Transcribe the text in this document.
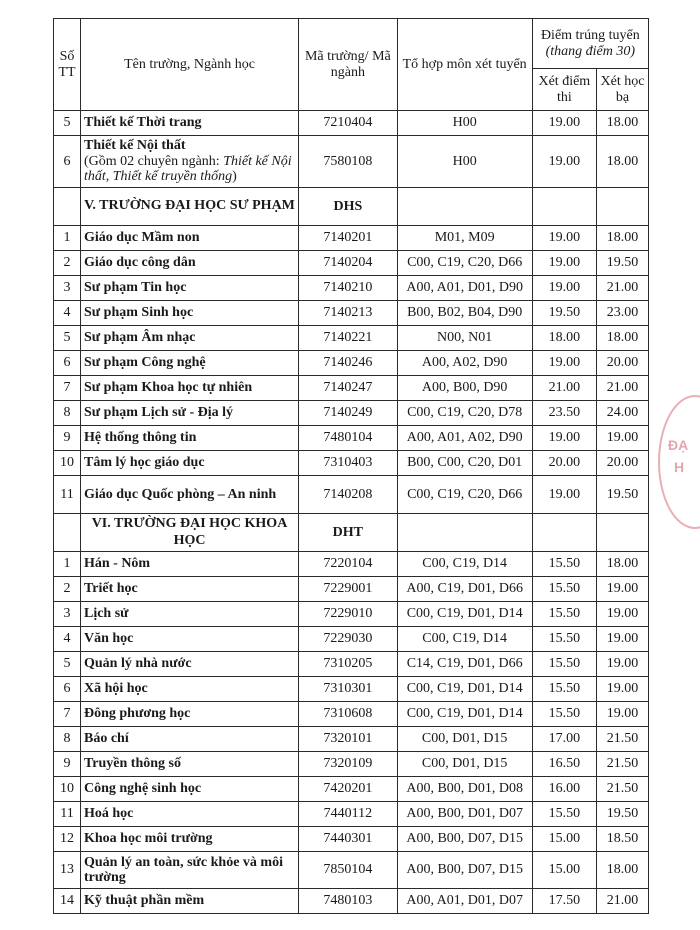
ĐẠ
H
Số TT	Tên trường, Ngành học	Mã trường/ Mã ngành	Tổ hợp môn xét tuyển	Điểm trúng tuyển
(thang điểm 30)	

				Xét điểm thi	Xét học bạ
5	Thiết kế Thời trang	7210404	H00	19.00	18.00
6	Thiết kế Nội thất
(Gồm 02 chuyên ngành: Thiết kế Nội thất, Thiết kế truyền thống)	7580108	H00	19.00	18.00
	V. TRƯỜNG ĐẠI HỌC SƯ PHẠM	DHS			
1	Giáo dục Mầm non	7140201	M01, M09	19.00	18.00
2	Giáo dục công dân	7140204	C00, C19, C20, D66	19.00	19.50
3	Sư phạm Tin học	7140210	A00, A01, D01, D90	19.00	21.00
4	Sư phạm Sinh học	7140213	B00, B02, B04, D90	19.50	23.00
5	Sư phạm Âm nhạc	7140221	N00, N01	18.00	18.00
6	Sư phạm Công nghệ	7140246	A00, A02, D90	19.00	20.00
7	Sư phạm Khoa học tự nhiên	7140247	A00, B00, D90	21.00	21.00
8	Sư phạm Lịch sử - Địa lý	7140249	C00, C19, C20, D78	23.50	24.00
9	Hệ thống thông tin	7480104	A00, A01, A02, D90	19.00	19.00
10	Tâm lý học giáo dục	7310403	B00, C00, C20, D01	20.00	20.00
11	Giáo dục Quốc phòng – An ninh	7140208	C00, C19, C20, D66	19.00	19.50
	VI. TRƯỜNG ĐẠI HỌC KHOA HỌC	DHT			
1	Hán - Nôm	7220104	C00, C19, D14	15.50	18.00
2	Triết học	7229001	A00, C19, D01, D66	15.50	19.00
3	Lịch sử	7229010	C00, C19, D01, D14	15.50	19.00
4	Văn học	7229030	C00, C19, D14	15.50	19.00
5	Quản lý nhà nước	7310205	C14, C19, D01, D66	15.50	19.00
6	Xã hội học	7310301	C00, C19, D01, D14	15.50	19.00
7	Đông phương học	7310608	C00, C19, D01, D14	15.50	19.00
8	Báo chí	7320101	C00, D01, D15	17.00	21.50
9	Truyền thông số	7320109	C00, D01, D15	16.50	21.50
10	Công nghệ sinh học	7420201	A00, B00, D01, D08	16.00	21.50
11	Hoá học	7440112	A00, B00, D01, D07	15.50	19.50
12	Khoa học môi trường	7440301	A00, B00, D07, D15	15.00	18.50
13	Quản lý an toàn, sức khỏe và môi trường	7850104	A00, B00, D07, D15	15.00	18.00
14	Kỹ thuật phần mềm	7480103	A00, A01, D01, D07	17.50	21.00
